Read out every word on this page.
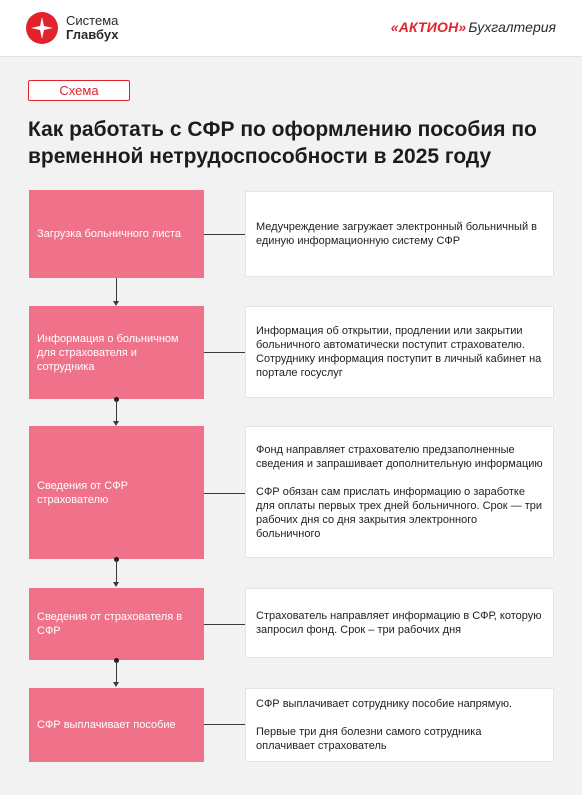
Система
Главбух	«АКТИОН» Бухгалтерия
Схема
Как работать с СФР по оформлению пособия по временной нетрудоспособности в 2025 году
Загрузка больничного листа

Медучреждение загружает электронный больничный в единую информационную систему СФР

Информация о больничном для страхователя и сотрудника

Информация об открытии, продлении или закрытии больничного автоматически поступит страхователю. Сотруднику информация поступит в личный кабинет на портале госуслуг

Сведения от СФР страхователю

Фонд направляет страхователю предзаполненные сведения и запрашивает дополнительную информацию

СФР обязан сам прислать информацию о заработке для оплаты первых трех дней больничного. Срок — три рабочих дня со дня закрытия электронного больничного

Сведения от страхователя в СФР

Страхователь направляет информацию в СФР, которую запросил фонд. Срок – три рабочих дня

СФР выплачивает пособие

СФР выплачивает сотруднику пособие напрямую.

Первые три дня болезни самого сотрудника оплачивает страхователь
